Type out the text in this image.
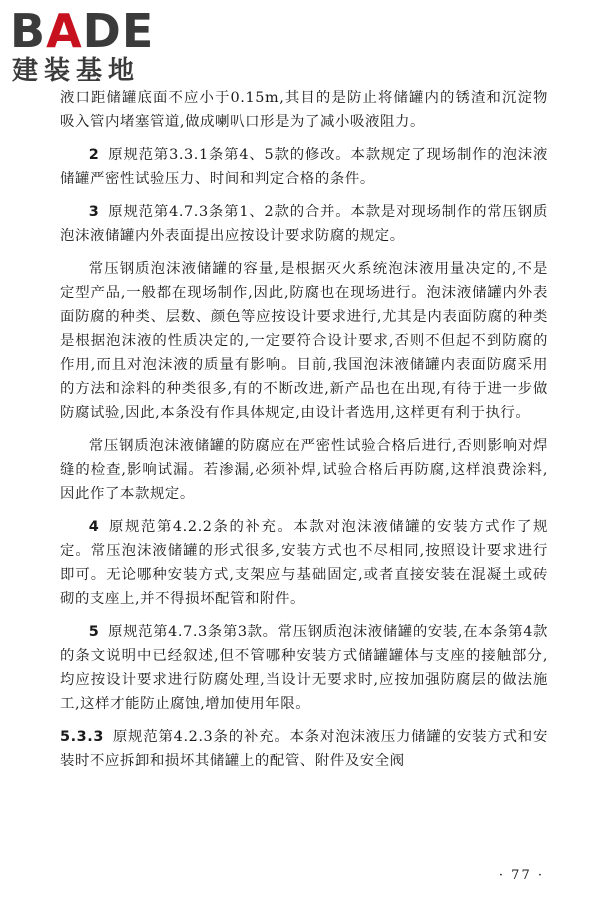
BADE

建装基地

液口距储罐底面不应小于0.15m,其目的是防止将储罐内的锈渣和沉淀物吸入管内堵塞管道,做成喇叭口形是为了减小吸液阻力。

2 原规范第3.3.1条第4、5款的修改。本款规定了现场制作的泡沫液储罐严密性试验压力、时间和判定合格的条件。

3 原规范第4.7.3条第1、2款的合并。本款是对现场制作的常压钢质泡沫液储罐内外表面提出应按设计要求防腐的规定。

常压钢质泡沫液储罐的容量,是根据灭火系统泡沫液用量决定的,不是定型产品,一般都在现场制作,因此,防腐也在现场进行。泡沫液储罐内外表面防腐的种类、层数、颜色等应按设计要求进行,尤其是内表面防腐的种类是根据泡沫液的性质决定的,一定要符合设计要求,否则不但起不到防腐的作用,而且对泡沫液的质量有影响。目前,我国泡沫液储罐内表面防腐采用的方法和涂料的种类很多,有的不断改进,新产品也在出现,有待于进一步做防腐试验,因此,本条没有作具体规定,由设计者选用,这样更有利于执行。

常压钢质泡沫液储罐的防腐应在严密性试验合格后进行,否则影响对焊缝的检查,影响试漏。若渗漏,必须补焊,试验合格后再防腐,这样浪费涂料,因此作了本款规定。

4 原规范第4.2.2条的补充。本款对泡沫液储罐的安装方式作了规定。常压泡沫液储罐的形式很多,安装方式也不尽相同,按照设计要求进行即可。无论哪种安装方式,支架应与基础固定,或者直接安装在混凝土或砖砌的支座上,并不得损坏配管和附件。

5 原规范第4.7.3条第3款。常压钢质泡沫液储罐的安装,在本条第4款的条文说明中已经叙述,但不管哪种安装方式储罐罐体与支座的接触部分,均应按设计要求进行防腐处理,当设计无要求时,应按加强防腐层的做法施工,这样才能防止腐蚀,增加使用年限。

5.3.3 原规范第4.2.3条的补充。本条对泡沫液压力储罐的安装方式和安装时不应拆卸和损坏其储罐上的配管、附件及安全阀

· 77 ·
